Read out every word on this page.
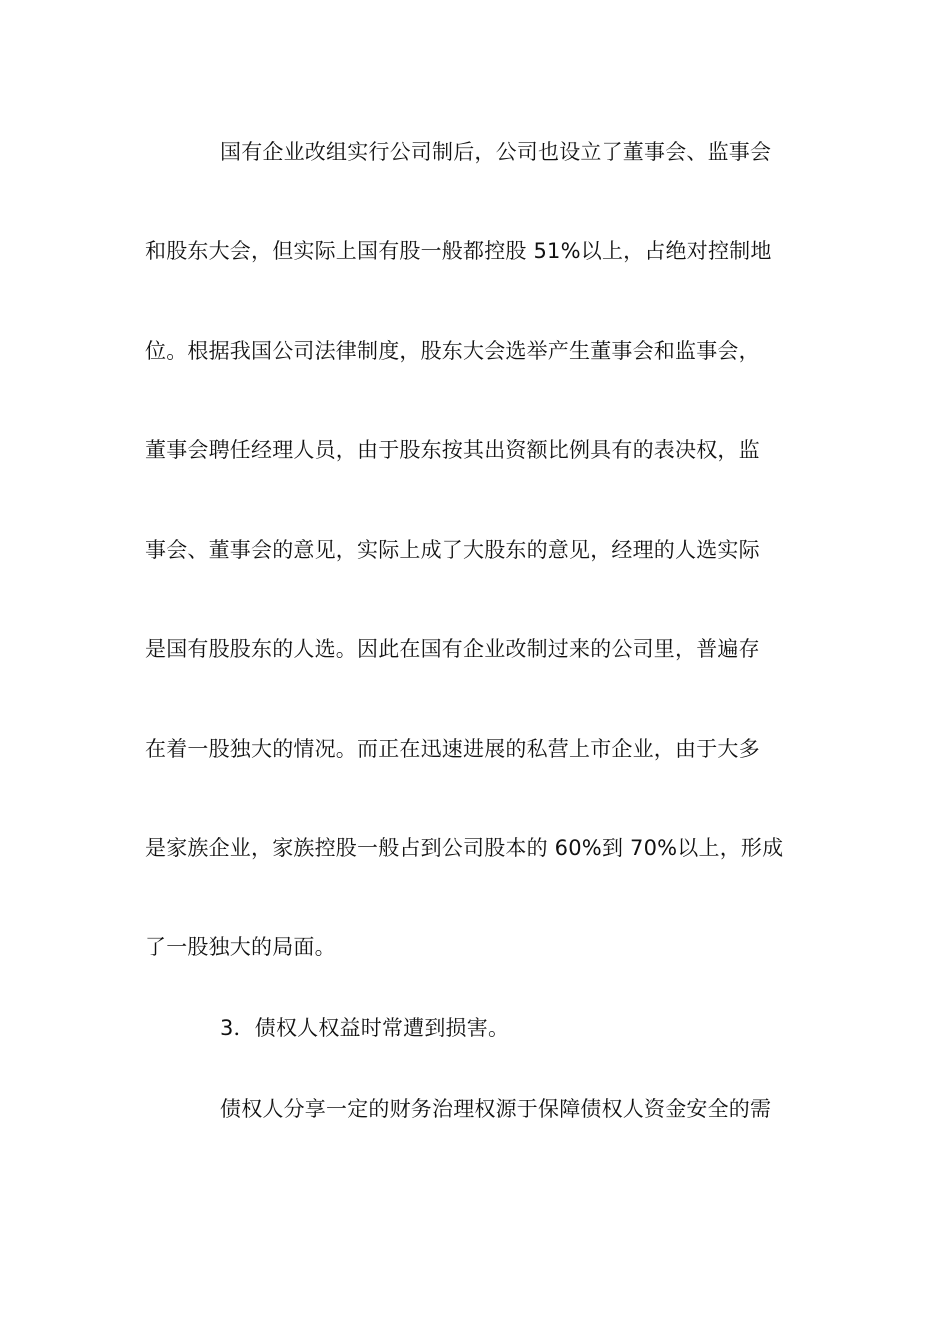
国有企业改组实行公司制后，公司也设立了董事会、监事会
和股东大会，但实际上国有股一般都控股 51%以上，占绝对控制地
位。根据我国公司法律制度，股东大会选举产生董事会和监事会，
董事会聘任经理人员，由于股东按其出资额比例具有的表决权，监
事会、董事会的意见，实际上成了大股东的意见，经理的人选实际
是国有股股东的人选。因此在国有企业改制过来的公司里，普遍存
在着一股独大的情况。而正在迅速进展的私营上市企业，由于大多
是家族企业，家族控股一般占到公司股本的 60%到 70%以上，形成
了一股独大的局面。
3．债权人权益时常遭到损害。
债权人分享一定的财务治理权源于保障债权人资金安全的需
